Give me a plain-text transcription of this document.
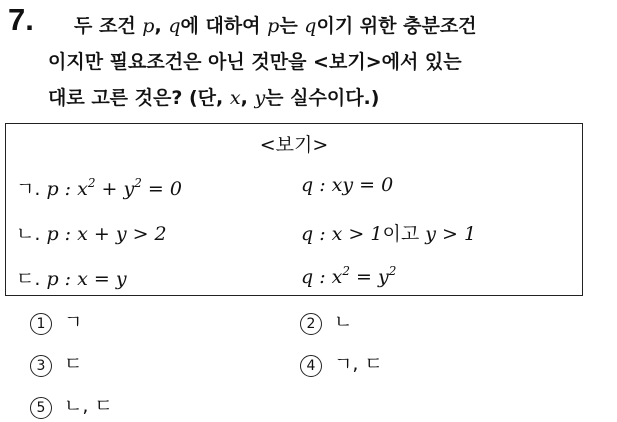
7.	두 조건 p, q에 대하여 p는 q이기 위한 충분조건
이지만 필요조건은 아닌 것만을 <보기>에서 있는
대로 고른 것은? (단, x, y는 실수이다.)
<보기>
ㄱ. p : $x^2 + y^2 = 0$	q : xy = 0
ㄴ. p : x + y > 2	q : x > 1이고 y > 1
ㄷ. p : x = y	q : $x^2 = y^2$
1 ㄱ	2 ㄴ
3 ㄷ	4 ㄱ, ㄷ
5 ㄴ, ㄷ
